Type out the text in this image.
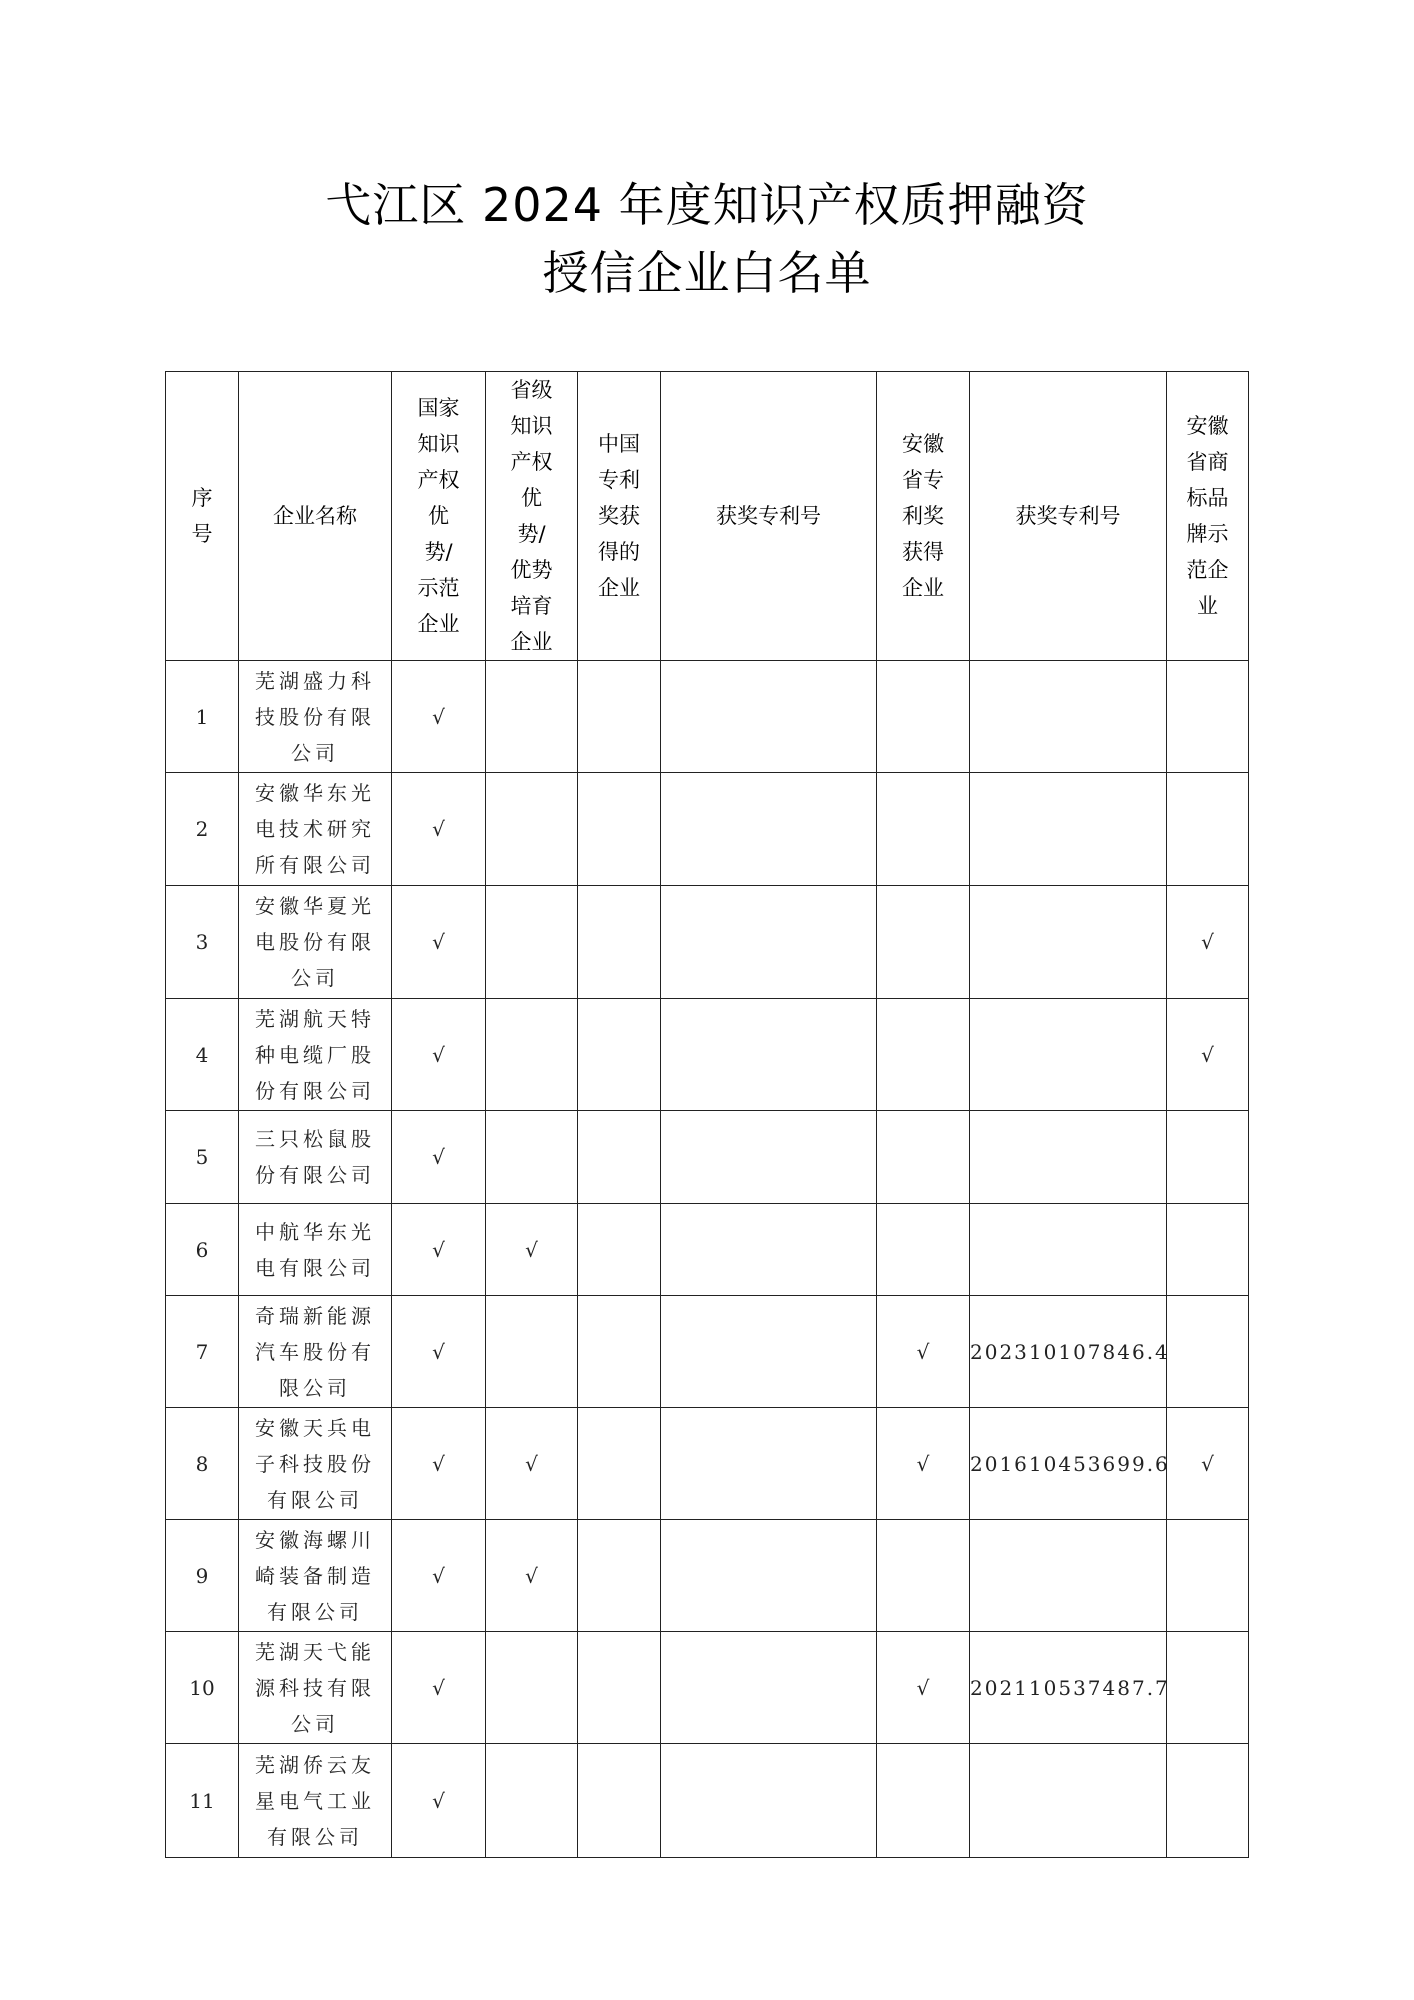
弋江区 2024 年度知识产权质押融资
授信企业白名单
序号	企业名称	国家知识产权优势/示范企业	省级知识产权优势/优势培育企业	中国专利奖获得的企业	获奖专利号	安徽省专利奖获得企业	获奖专利号	安徽省商标品牌示范企业
1	芜湖盛力科技股份有限公司	√						
2	安徽华东光电技术研究所有限公司	√						
3	安徽华夏光电股份有限公司	√						√
4	芜湖航天特种电缆厂股份有限公司	√						√
5	三只松鼠股份有限公司	√						
6	中航华东光电有限公司	√	√					
7	奇瑞新能源汽车股份有限公司	√				√	202310107846.4	
8	安徽天兵电子科技股份有限公司	√	√			√	201610453699.6	√
9	安徽海螺川崎装备制造有限公司	√	√					
10	芜湖天弋能源科技有限公司	√				√	202110537487.7	
11	芜湖侨云友星电气工业有限公司	√						
